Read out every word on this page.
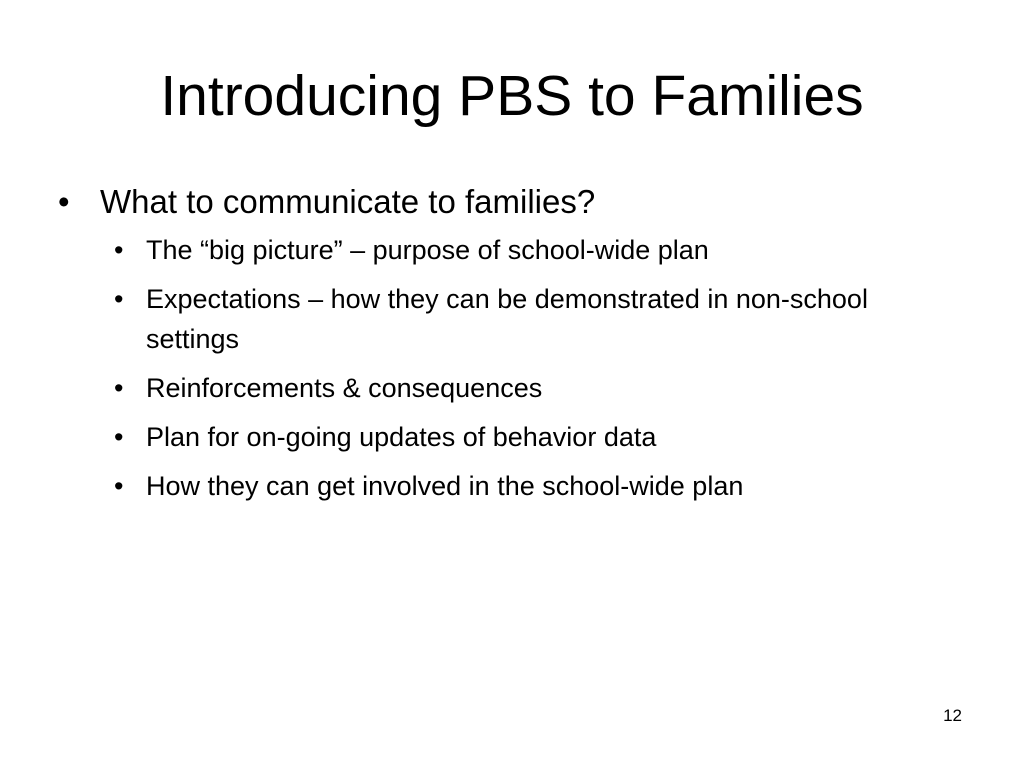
Introducing PBS to Families
• What to communicate to families?
• The “big picture” – purpose of school-wide plan
• Expectations – how they can be demonstrated in non-school settings
• Reinforcements & consequences
• Plan for on-going updates of behavior data
• How they can get involved in the school-wide plan
12
